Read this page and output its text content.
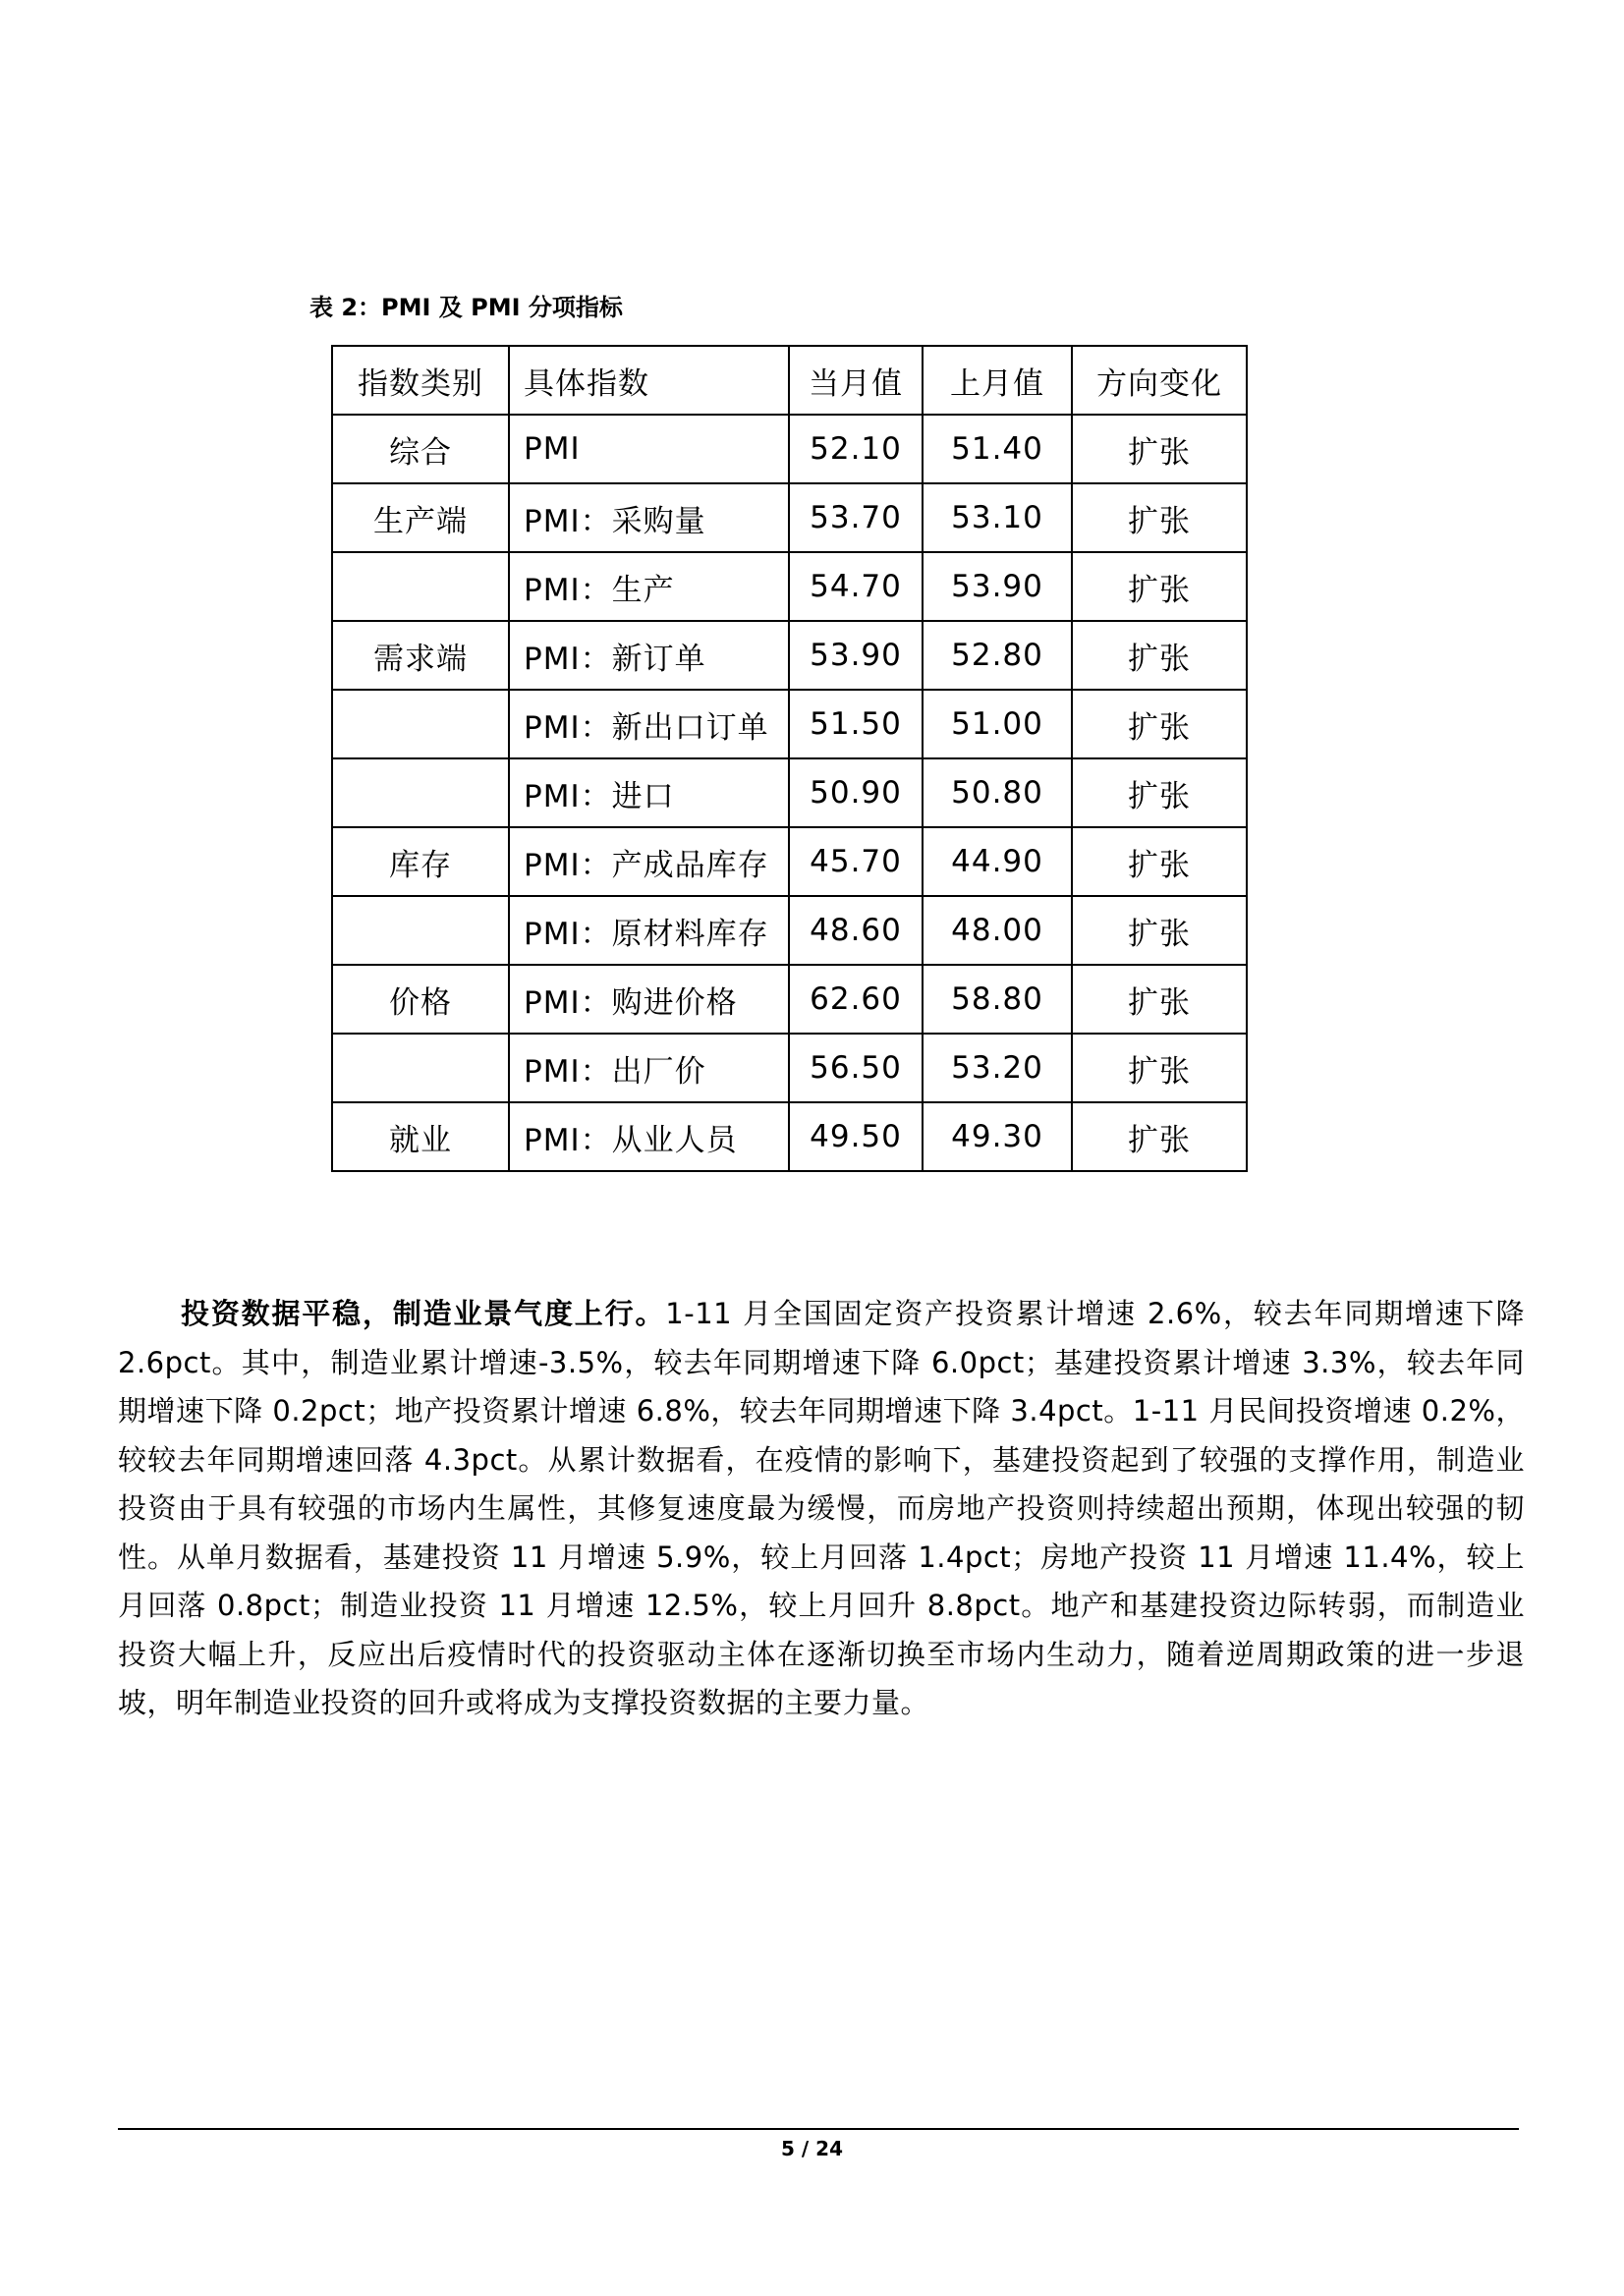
表 2：PMI 及 PMI 分项指标
指数类别	具体指数	当月值	上月值	方向变化
综合	PMI	52.10	51.40	扩张
生产端	PMI：采购量	53.70	53.10	扩张
	PMI：生产	54.70	53.90	扩张
需求端	PMI：新订单	53.90	52.80	扩张
	PMI：新出口订单	51.50	51.00	扩张
	PMI：进口	50.90	50.80	扩张
库存	PMI：产成品库存	45.70	44.90	扩张
	PMI：原材料库存	48.60	48.00	扩张
价格	PMI：购进价格	62.60	58.80	扩张
	PMI：出厂价	56.50	53.20	扩张
就业	PMI：从业人员	49.50	49.30	扩张

投资数据平稳，制造业景气度上行。1-11 月全国固定资产投资累计增速 2.6%，较去年同期增速下降 2.6pct。其中，制造业累计增速-3.5%，较去年同期增速下降 6.0pct；基建投资累计增速 3.3%，较去年同期增速下降 0.2pct；地产投资累计增速 6.8%，较去年同期增速下降 3.4pct。1-11 月民间投资增速 0.2%，较较去年同期增速回落 4.3pct。从累计数据看，在疫情的影响下，基建投资起到了较强的支撑作用，制造业投资由于具有较强的市场内生属性，其修复速度最为缓慢，而房地产投资则持续超出预期，体现出较强的韧性。从单月数据看，基建投资 11 月增速 5.9%，较上月回落 1.4pct；房地产投资 11 月增速 11.4%，较上月回落 0.8pct；制造业投资 11 月增速 12.5%，较上月回升 8.8pct。地产和基建投资边际转弱，而制造业投资大幅上升，反应出后疫情时代的投资驱动主体在逐渐切换至市场内生动力，随着逆周期政策的进一步退坡，明年制造业投资的回升或将成为支撑投资数据的主要力量。

5 / 24
